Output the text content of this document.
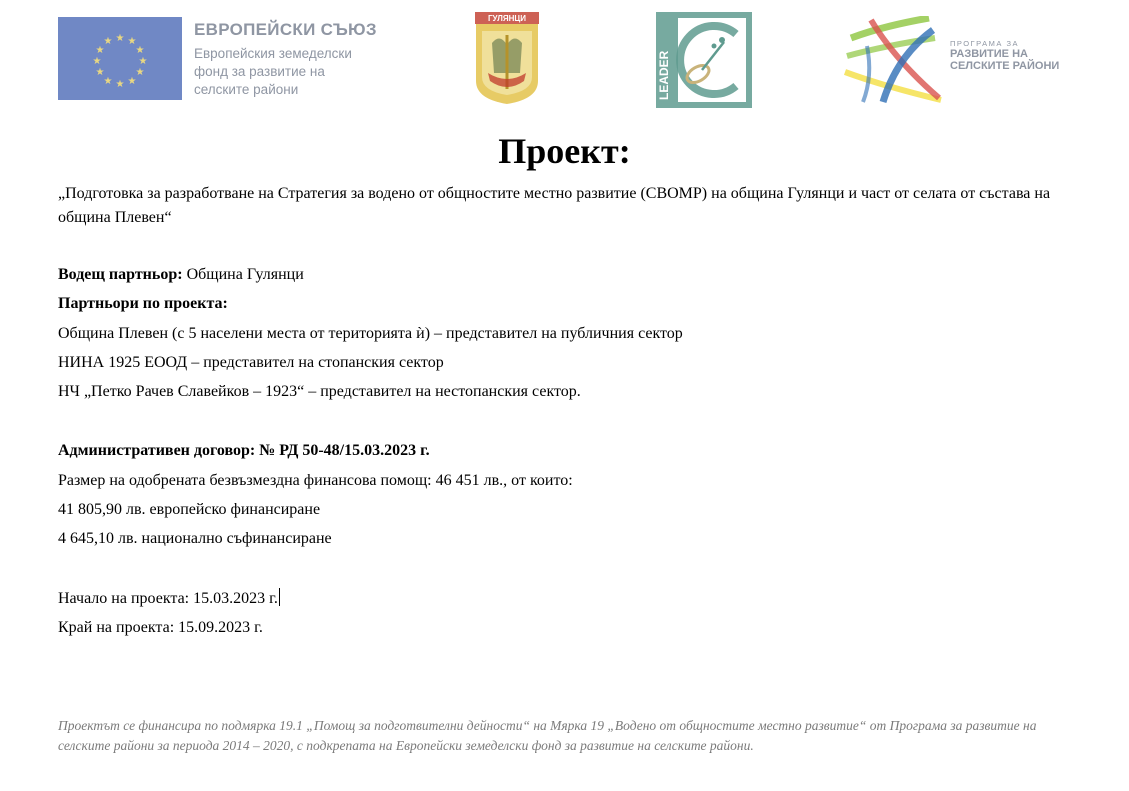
★ ★
★
★
★
★
★
★
★
★
★
★
ЕВРОПЕЙСКИ СЪЮЗ
Европейския земеделски
фонд за развитие на
селските райони
ГУЛЯНЦИ
LEADER
ПРОГРАМА ЗА
РАЗВИТИЕ НА
СЕЛСКИТЕ РАЙОНИ
Проект:
„Подготовка за разработване на Стратегия за водено от общностите местно развитие (СВОМР) на община Гулянци и част от селата от състава на община Плевен“
Водещ партньор: Община Гулянци
Партньори по проекта:
Община Плевен (с 5 населени места от територията ѝ) – представител на публичния сектор
НИНА 1925 ЕООД – представител на стопанския сектор
НЧ „Петко Рачев Славейков – 1923“ – представител на нестопанския сектор.
Административен договор: № РД 50-48/15.03.2023 г.
Размер на одобрената безвъзмездна финансова помощ: 46 451 лв., от които:
41 805,90 лв. европейско финансиране
4 645,10 лв. национално съфинансиране
Начало на проекта: 15.03.2023 г.
Край на проекта: 15.09.2023 г.
Проектът се финансира по подмярка 19.1 „Помощ за подготвителни дейности“ на Мярка 19 „Водено от общностите местно развитие“ от Програма за развитие на селските райони за периода 2014 – 2020, с подкрепата на Европейски земеделски фонд за развитие на селските райони.
